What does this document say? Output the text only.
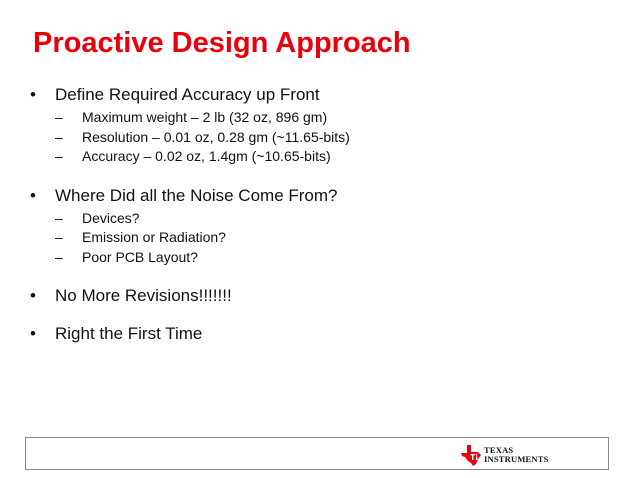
Proactive Design Approach
• Define Required Accuracy up Front
– Maximum weight – 2 lb (32 oz, 896 gm)
– Resolution – 0.01 oz, 0.28 gm (~11.65-bits)
– Accuracy – 0.02 oz, 1.4gm (~10.65-bits)
• Where Did all the Noise Come From?
– Devices?
– Emission or Radiation?
– Poor PCB Layout?
• No More Revisions!!!!!!!
• Right the First Time
TEXAS
INSTRUMENTS
